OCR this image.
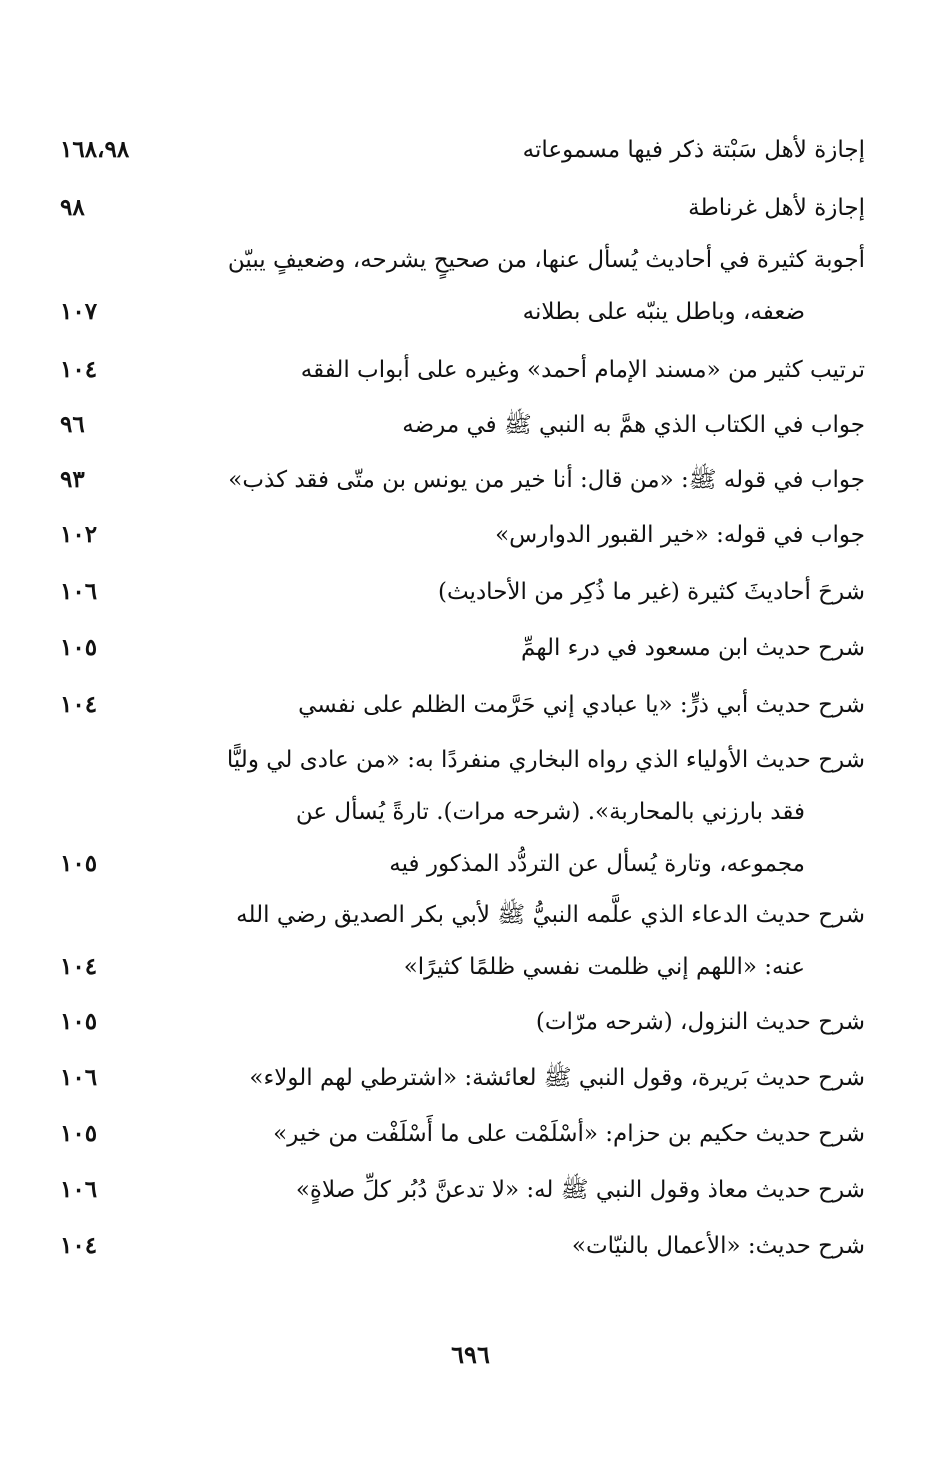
إجازة لأهل سَبْتة ذكر فيها مسموعاته
١٦٨،٩٨
إجازة لأهل غرناطة
٩٨
أجوبة كثيرة في أحاديث يُسأل عنها، من صحيحٍ يشرحه، وضعيفٍ يبيّن
ضعفه، وباطل ينبّه على بطلانه
١٠٧
ترتيب كثير من «مسند الإمام أحمد» وغيره على أبواب الفقه
١٠٤
جواب في الكتاب الذي همَّ به النبي ﷺ في مرضه
٩٦
جواب في قوله ﷺ: «من قال: أنا خير من يونس بن متّى فقد كذب»
٩٣
جواب في قوله: «خير القبور الدوارس»
١٠٢
شرحَ أحاديثَ كثيرة (غير ما ذُكِر من الأحاديث)
١٠٦
شرح حديث ابن مسعود في درء الهمِّ
١٠٥
شرح حديث أبي ذرٍّ: «يا عبادي إني حَرَّمت الظلم على نفسي
١٠٤
شرح حديث الأولياء الذي رواه البخاري منفردًا به: «من عادى لي وليًّا
فقد بارزني بالمحاربة». (شرحه مرات). تارةً يُسأل عن
مجموعه، وتارة يُسأل عن التردُّد المذكور فيه
١٠٥
شرح حديث الدعاء الذي علَّمه النبيُّ ﷺ لأبي بكر الصديق رضي الله
عنه: «اللهم إني ظلمت نفسي ظلمًا كثيرًا»
١٠٤
شرح حديث النزول، (شرحه مرّات)
١٠٥
شرح حديث بَريرة، وقول النبي ﷺ لعائشة: «اشترطي لهم الولاء»
١٠٦
شرح حديث حكيم بن حزام: «أسْلَمْت على ما أَسْلَفْت من خير»
١٠٥
شرح حديث معاذ وقول النبي ﷺ له: «لا تدعنَّ دُبُر كلِّ صلاةٍ»
١٠٦
شرح حديث: «الأعمال بالنيّات»
١٠٤
٦٩٦
